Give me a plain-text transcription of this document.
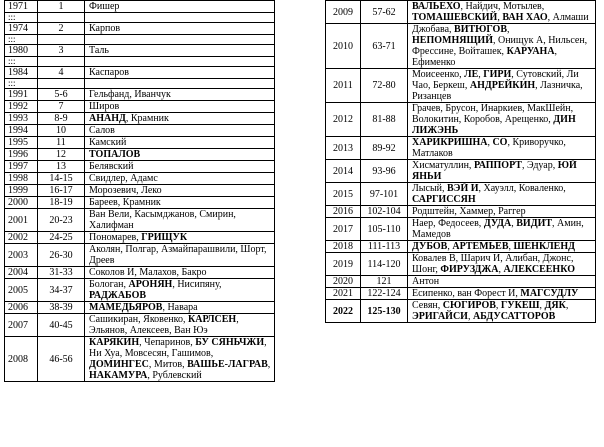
1971	1	Фишер
:::		
1974	2	Карпов
:::		
1980	3	Таль
:::		
1984	4	Каспаров
:::		
1991	5-6	Гельфанд, Иванчук
1992	7	Широв
1993	8-9	АНАНД, Крамник
1994	10	Салов
1995	11	Камский
1996	12	ТОПАЛОВ
1997	13	Белявский
1998	14-15	Свидлер, Адамс
1999	16-17	Морозевич, Леко
2000	18-19	Бареев, Крамник
2001	20-23	Ван Вели, Касымджанов, Смирин, Халифман
2002	24-25	Пономарев, ГРИЩУК
2003	26-30	Аколян, Полгар, Азмайпарашвили, Шорт, Дреев
2004	31-33	Соколов И, Малахов, Бакро
2005	34-37	Бологан, АРОНЯН, Нисипяну, РАДЖАБОВ
2006	38-39	МАМЕДЬЯРОВ, Навара
2007	40-45	Сашикиран, Яковенко, КАРЛСЕН, Эльянов, Алексеев, Ван Юэ
2008	46-56	КАРЯКИН, Чепаринов, БУ СЯНЬЧЖИ, Ни Хуа, Мовсесян, Гашимов, ДОМИНГЕС, Митов, ВАШЬЕ-ЛАГРАВ, НАКАМУРА, Рублевский
2009	57-62	ВАЛЬЕХО, Найдич, Мотылев, ТОМАШЕВСКИЙ, ВАН ХАО, Алмаши
2010	63-71	Джобава, ВИТЮГОВ, НЕПОМНЯЩИЙ, Онищук А, Нильсен, Фрессине, Войташек, КАРУАНА, Ефименко
2011	72-80	Моисеенко, ЛЕ, ГИРИ, Сутовский, Ли Чао, Беркеш, АНДРЕЙКИН, Лазничка, Ризанцев
2012	81-88	Грачев, Брусон, Инаркиев, МакШейн, Волокитин, Коробов, Арещенко, ДИН ЛИЖЭНЬ
2013	89-92	ХАРИКРИШНА, СО, Криворучко, Матлаков
2014	93-96	Хисматуллин, РАППОРТ, Эдуар, ЮЙ ЯНЬИ
2015	97-101	Лысый, ВЭЙ И, Хауэлл, Коваленко, САРГИССЯН
2016	102-104	Родштейн, Хаммер, Раггер
2017	105-110	Наер, Федосеев, ДУДА, ВИДИТ, Амин, Мамедов
2018	111-113	ДУБОВ, АРТЕМЬЕВ, ШЕНКЛЕНД
2019	114-120	Ковалев В, Шарич И, Алибан, Джонс, Шонг, ФИРУЗДЖА, АЛЕКСЕЕНКО
2020	121	Антон
2021	122-124	Есипенко, ван Форест И, МАГСУДЛУ
2022	125-130	Севян, СЮГИРОВ, ГУКЕШ, ДЯК, ЭРИГАЙСИ, АБДУСАТТОРОВ
